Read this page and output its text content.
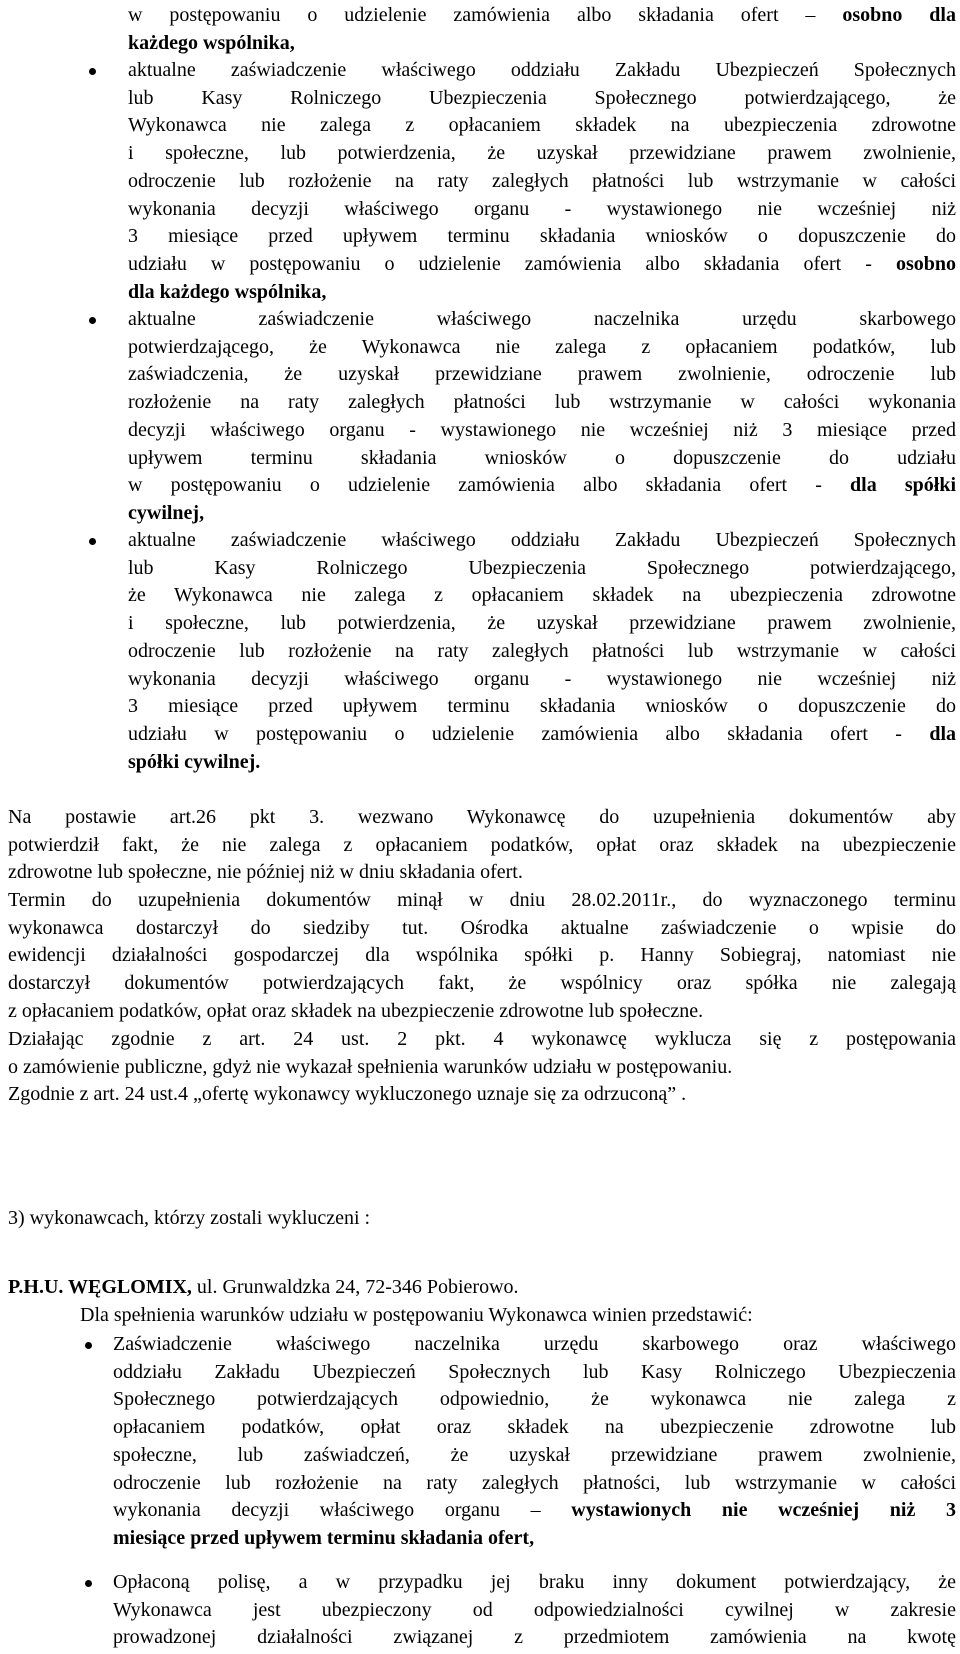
w postępowaniu o udzielenie zamówienia albo składania ofert – osobno dla

każdego wspólnika,

aktualne zaświadczenie właściwego oddziału Zakładu Ubezpieczeń Społecznych

lub Kasy Rolniczego Ubezpieczenia Społecznego potwierdzającego, że

Wykonawca nie zalega z opłacaniem składek na ubezpieczenia zdrowotne

i społeczne, lub potwierdzenia, że uzyskał przewidziane prawem zwolnienie,

odroczenie lub rozłożenie na raty zaległych płatności lub wstrzymanie w całości

wykonania decyzji właściwego organu - wystawionego nie wcześniej niż

3 miesiące przed upływem terminu składania wniosków o dopuszczenie do

udziału w postępowaniu o udzielenie zamówienia albo składania ofert - osobno

dla każdego wspólnika,

aktualne zaświadczenie właściwego naczelnika urzędu skarbowego

potwierdzającego, że Wykonawca nie zalega z opłacaniem podatków, lub

zaświadczenia, że uzyskał przewidziane prawem zwolnienie, odroczenie lub

rozłożenie na raty zaległych płatności lub wstrzymanie w całości wykonania

decyzji właściwego organu - wystawionego nie wcześniej niż 3 miesiące przed

upływem terminu składania wniosków o dopuszczenie do udziału

w postępowaniu o udzielenie zamówienia albo składania ofert - dla spółki

cywilnej,

aktualne zaświadczenie właściwego oddziału Zakładu Ubezpieczeń Społecznych

lub Kasy Rolniczego Ubezpieczenia Społecznego potwierdzającego,

że Wykonawca nie zalega z opłacaniem składek na ubezpieczenia zdrowotne

i społeczne, lub potwierdzenia, że uzyskał przewidziane prawem zwolnienie,

odroczenie lub rozłożenie na raty zaległych płatności lub wstrzymanie w całości

wykonania decyzji właściwego organu - wystawionego nie wcześniej niż

3 miesiące przed upływem terminu składania wniosków o dopuszczenie do

udziału w postępowaniu o udzielenie zamówienia albo składania ofert - dla

spółki cywilnej.

Na postawie art.26 pkt 3. wezwano Wykonawcę do uzupełnienia dokumentów aby

potwierdził fakt, że nie zalega z opłacaniem podatków, opłat oraz składek na ubezpieczenie

zdrowotne lub społeczne, nie później niż w dniu składania ofert.

Termin do uzupełnienia dokumentów minął w dniu 28.02.2011r., do wyznaczonego terminu

wykonawca dostarczył do siedziby tut. Ośrodka aktualne zaświadczenie o wpisie do

ewidencji działalności gospodarczej dla wspólnika spółki p. Hanny Sobiegraj, natomiast nie

dostarczył dokumentów potwierdzających fakt, że wspólnicy oraz spółka nie zalegają

z opłacaniem podatków, opłat oraz składek na ubezpieczenie zdrowotne lub społeczne.

Działając zgodnie z art. 24 ust. 2 pkt. 4 wykonawcę wyklucza się z postępowania

o zamówienie publiczne, gdyż nie wykazał spełnienia warunków udziału w postępowaniu.

Zgodnie z art. 24 ust.4 „ofertę wykonawcy wykluczonego uznaje się za odrzuconą” .

3) wykonawcach, którzy zostali wykluczeni :

P.H.U. WĘGLOMIX, ul. Grunwaldzka 24, 72-346 Pobierowo.

Dla spełnienia warunków udziału w postępowaniu Wykonawca winien przedstawić:

Zaświadczenie właściwego naczelnika urzędu skarbowego oraz właściwego

oddziału Zakładu Ubezpieczeń Społecznych lub Kasy Rolniczego Ubezpieczenia

Społecznego potwierdzających odpowiednio, że wykonawca nie zalega z

opłacaniem podatków, opłat oraz składek na ubezpieczenie zdrowotne lub

społeczne, lub zaświadczeń, że uzyskał przewidziane prawem zwolnienie,

odroczenie lub rozłożenie na raty zaległych płatności, lub wstrzymanie w całości

wykonania decyzji właściwego organu – wystawionych nie wcześniej niż 3

miesiące przed upływem terminu składania ofert,

Opłaconą polisę, a w przypadku jej braku inny dokument potwierdzający, że

Wykonawca jest ubezpieczony od odpowiedzialności cywilnej w zakresie

prowadzonej działalności związanej z przedmiotem zamówienia na kwotę
